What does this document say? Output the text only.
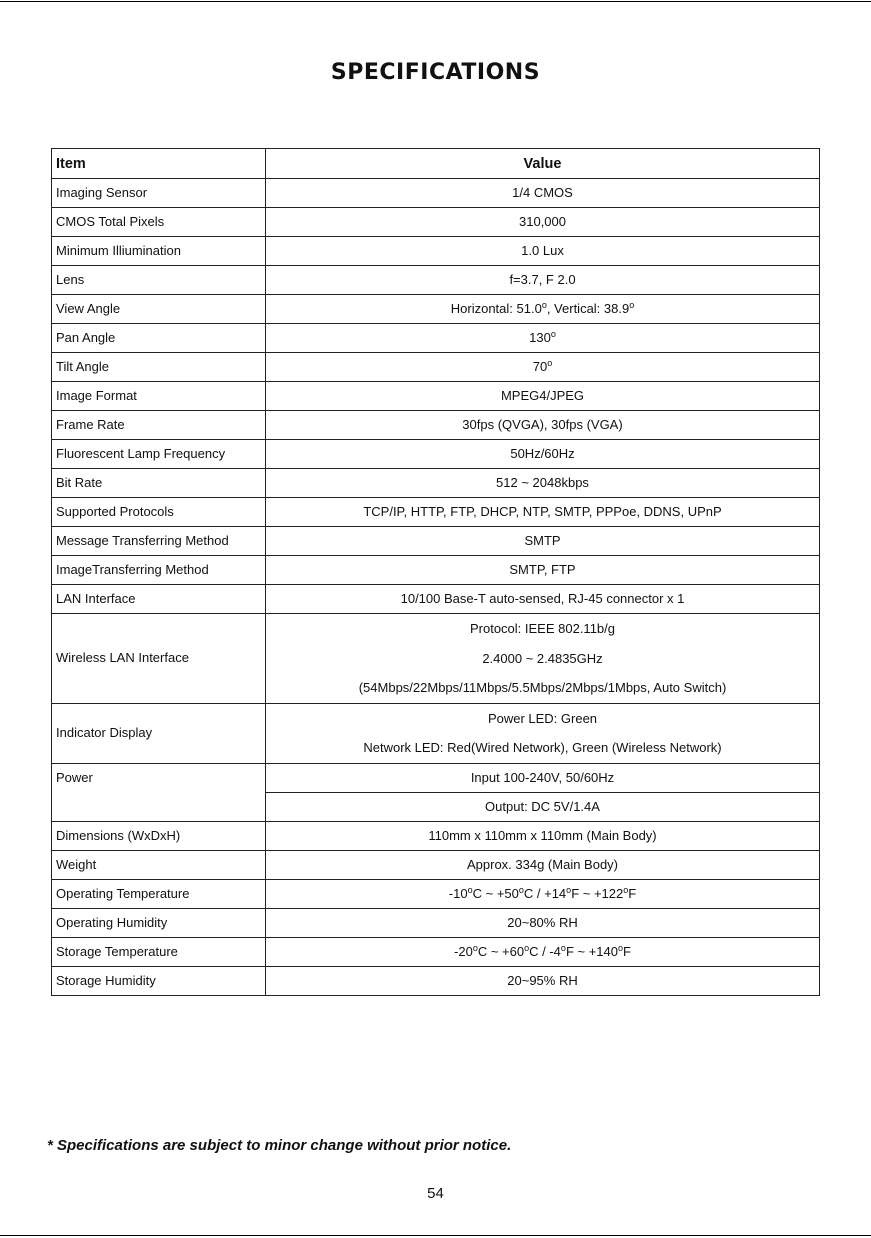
SPECIFICATIONS
Item	Value
Imaging Sensor	1/4 CMOS
CMOS Total Pixels	310,000
Minimum Illiumination	1.0 Lux
Lens	f=3.7, F 2.0
View Angle	Horizontal: 51.0$^o$, Vertical: 38.9$^o$
Pan Angle	130$^o$
Tilt Angle	70$^o$
Image Format	MPEG4/JPEG
Frame Rate	30fps (QVGA), 30fps (VGA)
Fluorescent Lamp Frequency	50Hz/60Hz
Bit Rate	512 ~ 2048kbps
Supported Protocols	TCP/IP, HTTP, FTP, DHCP, NTP, SMTP, PPPoe, DDNS, UPnP
Message Transferring Method	SMTP
ImageTransferring Method	SMTP, FTP
LAN Interface	10/100 Base-T auto-sensed, RJ-45 connector x 1
Wireless LAN Interface	Protocol: IEEE 802.11b/g
2.4000 ~ 2.4835GHz
(54Mbps/22Mbps/11Mbps/5.5Mbps/2Mbps/1Mbps, Auto Switch)

Indicator Display	Power LED: Green
Network LED: Red(Wired Network), Green (Wireless Network)

Power	Input 100-240V, 50/60Hz
	Output: DC 5V/1.4A
Dimensions (WxDxH)	110mm x 110mm x 110mm (Main Body)
Weight	Approx. 334g (Main Body)
Operating Temperature	-10$^o$C ~ $+50^oC / +14^oF$ ~ $+122^oF$
Operating Humidity	20~80% RH
Storage Temperature	-20$^o$C ~ $+60^oC / -4^oF$ ~ $+140^oF$
Storage Humidity	20~95% RH
* Specifications are subject to minor change without prior notice.
54
